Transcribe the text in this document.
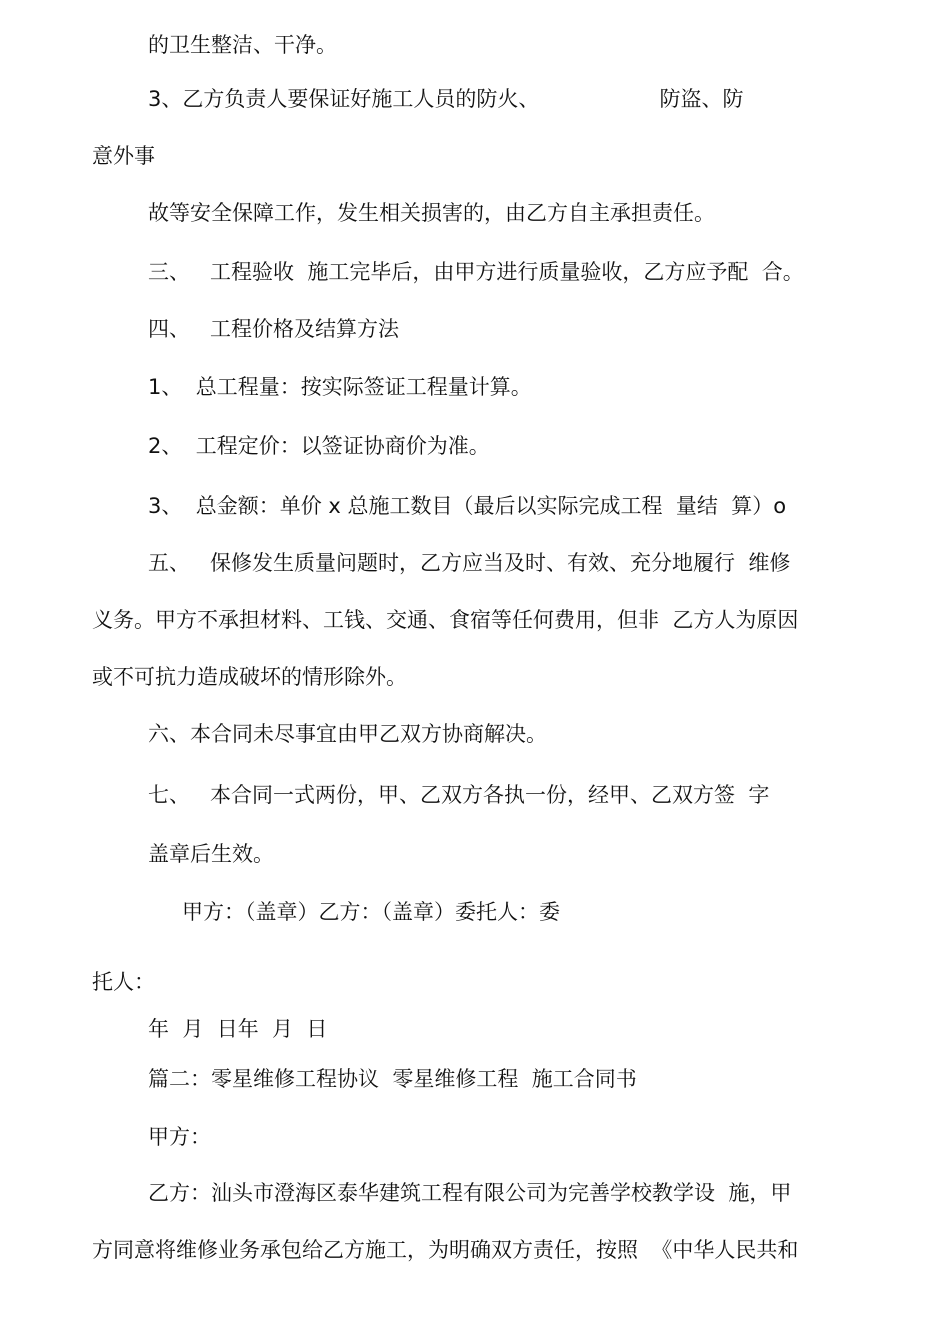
的卫生整洁、干净。

3、乙方负责人要保证好施工人员的防火、                  防盗、防

意外事

故等安全保障工作，发生相关损害的，由乙方自主承担责任。

三、   工程验收  施工完毕后，由甲方进行质量验收，乙方应予配  合。

四、   工程价格及结算方法

1、  总工程量：按实际签证工程量计算。

2、  工程定价：以签证协商价为准。

3、  总金额：单价 x 总施工数目（最后以实际完成工程  量结  算）o

五、   保修发生质量问题时，乙方应当及时、有效、充分地履行  维修

义务。甲方不承担材料、工钱、交通、食宿等任何费用，但非  乙方人为原因

或不可抗力造成破坏的情形除外。

六、本合同未尽事宜由甲乙双方协商解决。

七、   本合同一式两份，甲、乙双方各执一份，经甲、乙双方签  字

盖章后生效。

甲方：（盖章）乙方：（盖章）委托人：委

托人：

年  月  日年  月  日

篇二：零星维修工程协议  零星维修工程  施工合同书

甲方：

乙方：汕头市澄海区泰华建筑工程有限公司为完善学校教学设  施，甲

方同意将维修业务承包给乙方施工，为明确双方责任，按照  《中华人民共和
